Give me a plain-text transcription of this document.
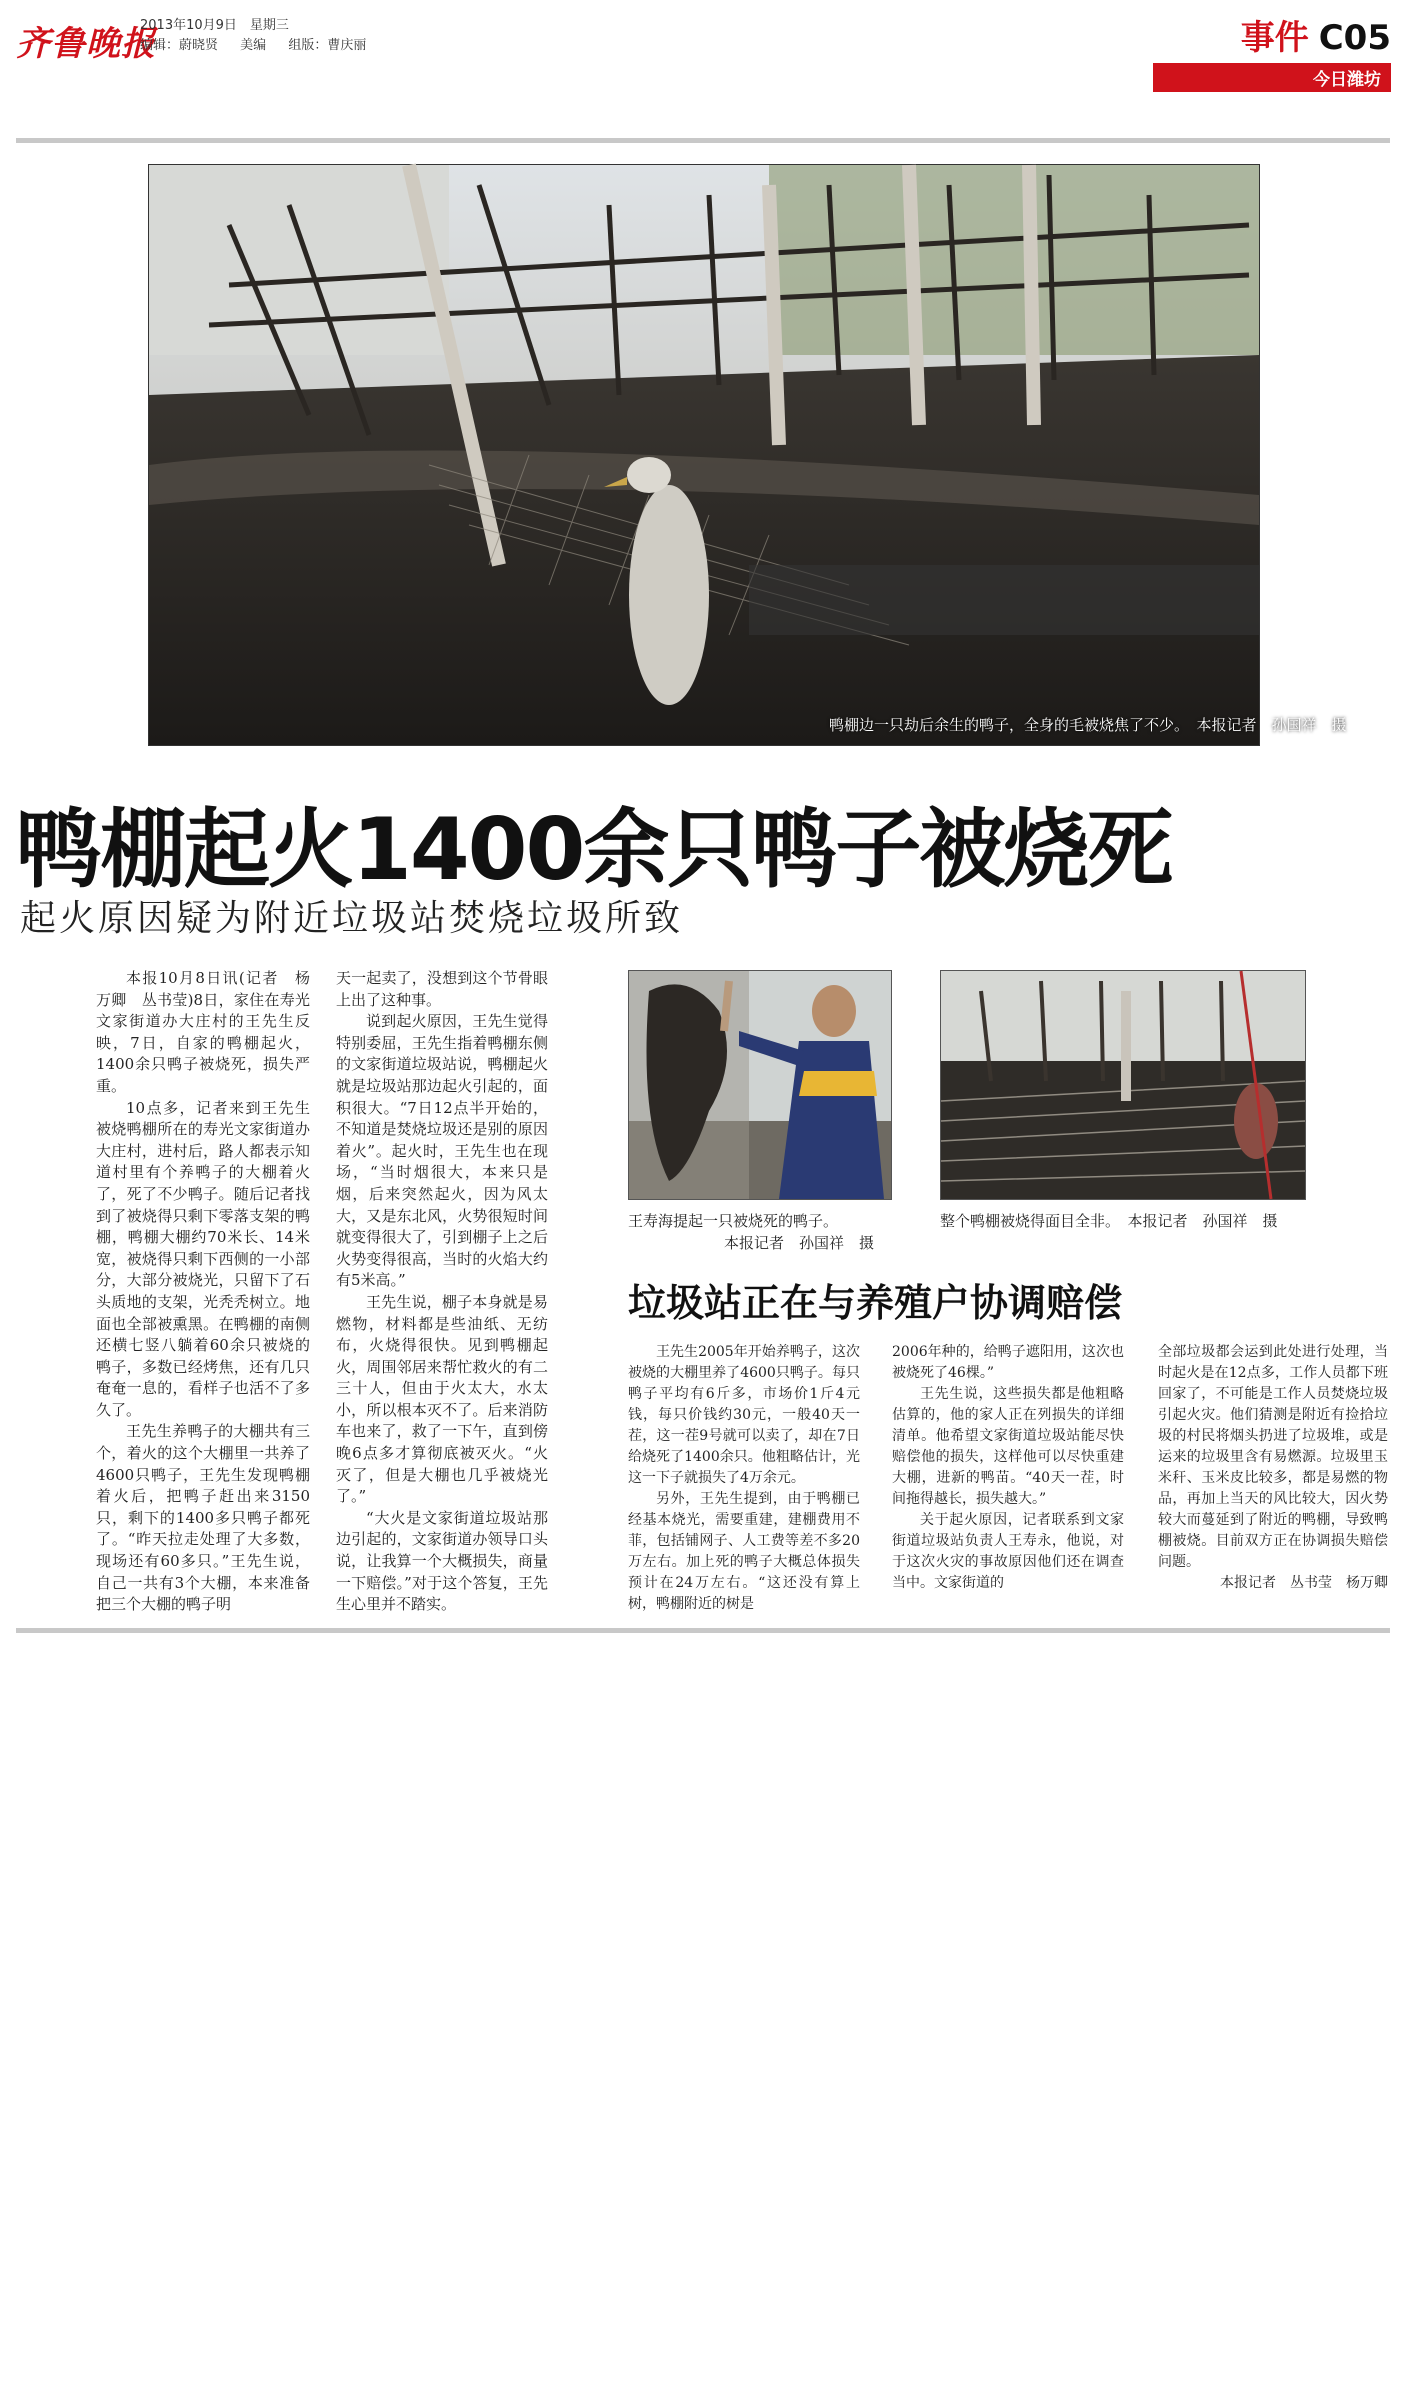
齐鲁晚报
2013年10月9日　星期三
编辑：蔚晓贤 美编 组版：曹庆丽	事件 C05
今日潍坊
鸭棚边一只劫后余生的鸭子，全身的毛被烧焦了不少。　本报记者　孙国祥　摄
鸭棚起火1400余只鸭子被烧死
起火原因疑为附近垃圾站焚烧垃圾所致

本报10月8日讯(记者　杨万卿　丛书莹)8日，家住在寿光文家街道办大庄村的王先生反映，7日，自家的鸭棚起火，1400余只鸭子被烧死，损失严重。

10点多，记者来到王先生被烧鸭棚所在的寿光文家街道办大庄村，进村后，路人都表示知道村里有个养鸭子的大棚着火了，死了不少鸭子。随后记者找到了被烧得只剩下零落支架的鸭棚，鸭棚大棚约70米长、14米宽，被烧得只剩下西侧的一小部分，大部分被烧光，只留下了石头质地的支架，光秃秃树立。地面也全部被熏黑。在鸭棚的南侧还横七竖八躺着60余只被烧的鸭子，多数已经烤焦，还有几只奄奄一息的，看样子也活不了多久了。

王先生养鸭子的大棚共有三个，着火的这个大棚里一共养了4600只鸭子，王先生发现鸭棚着火后，把鸭子赶出来3150只，剩下的1400多只鸭子都死了。“昨天拉走处理了大多数，现场还有60多只。”王先生说，自己一共有3个大棚，本来准备把三个大棚的鸭子明

天一起卖了，没想到这个节骨眼上出了这种事。

说到起火原因，王先生觉得特别委屈，王先生指着鸭棚东侧的文家街道垃圾站说，鸭棚起火就是垃圾站那边起火引起的，面积很大。“7日12点半开始的，不知道是焚烧垃圾还是别的原因着火”。起火时，王先生也在现场，“当时烟很大，本来只是烟，后来突然起火，因为风太大，又是东北风，火势很短时间就变得很大了，引到棚子上之后火势变得很高，当时的火焰大约有5米高。”

王先生说，棚子本身就是易燃物，材料都是些油纸、无纺布，火烧得很快。见到鸭棚起火，周围邻居来帮忙救火的有二三十人，但由于火太大，水太小，所以根本灭不了。后来消防车也来了，救了一下午，直到傍晚6点多才算彻底被灭火。“火灭了，但是大棚也几乎被烧光了。”

“大火是文家街道垃圾站那边引起的，文家街道办领导口头说，让我算一个大概损失，商量一下赔偿。”对于这个答复，王先生心里并不踏实。

王寿海提起一只被烧死的鸭子。
本报记者　孙国祥　摄
整个鸭棚被烧得面目全非。　本报记者　孙国祥　摄
垃圾站正在与养殖户协调赔偿

王先生2005年开始养鸭子，这次被烧的大棚里养了4600只鸭子。每只鸭子平均有6斤多，市场价1斤4元钱，每只价钱约30元，一般40天一茬，这一茬9号就可以卖了，却在7日给烧死了1400余只。他粗略估计，光这一下子就损失了4万余元。

另外，王先生提到，由于鸭棚已经基本烧光，需要重建，建棚费用不菲，包括铺网子、人工费等差不多20万左右。加上死的鸭子大概总体损失预计在24万左右。“这还没有算上树，鸭棚附近的树是

2006年种的，给鸭子遮阳用，这次也被烧死了46棵。”

王先生说，这些损失都是他粗略估算的，他的家人正在列损失的详细清单。他希望文家街道垃圾站能尽快赔偿他的损失，这样他可以尽快重建大棚，进新的鸭苗。“40天一茬，时间拖得越长，损失越大。”

关于起火原因，记者联系到文家街道垃圾站负责人王寿永，他说，对于这次火灾的事故原因他们还在调查当中。文家街道的

全部垃圾都会运到此处进行处理，当时起火是在12点多，工作人员都下班回家了，不可能是工作人员焚烧垃圾引起火灾。他们猜测是附近有捡拾垃圾的村民将烟头扔进了垃圾堆，或是运来的垃圾里含有易燃源。垃圾里玉米秆、玉米皮比较多，都是易燃的物品，再加上当天的风比较大，因火势较大而蔓延到了附近的鸭棚，导致鸭棚被烧。目前双方正在协调损失赔偿问题。

本报记者　丛书莹　杨万卿
